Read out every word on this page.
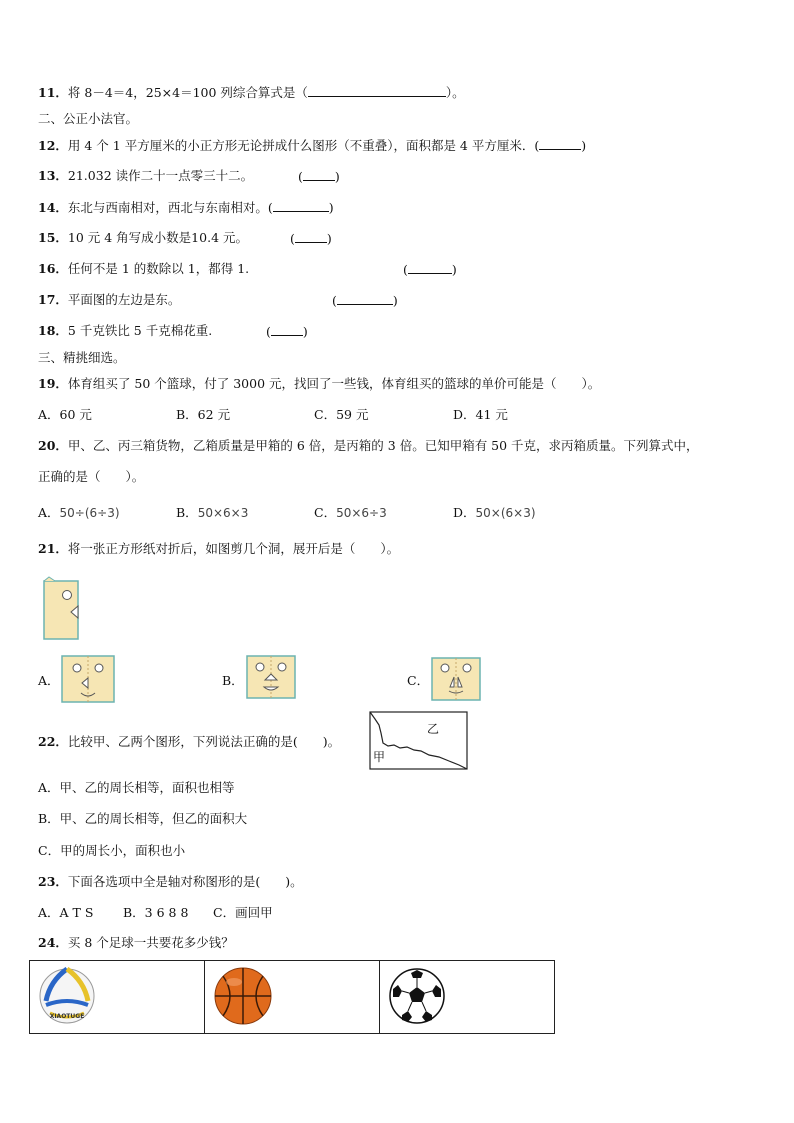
11．将 8－4＝4，25×4＝100 列综合算式是（	）。
二、公正小法官。
12．用 4 个 1 平方厘米的小正方形无论拼成什么图形（不重叠），面积都是 4 平方厘米．(	)
13．21.032 读作二十一点零三十二。	(	)
14．东北与西南相对，西北与东南相对。(	)
15．10 元 4 角写成小数是10.4 元。	(	)
16．任何不是 1 的数除以 1，都得 1.	(	)
17．平面图的左边是东。	(	)
18．5 千克铁比 5 千克棉花重.	(	)
三、精挑细选。
19．体育组买了 50 个篮球，付了 3000 元，找回了一些钱，体育组买的篮球的单价可能是（　　）。
A．60 元	B．62 元	C．59 元	D．41 元
20．甲、乙、丙三箱货物，乙箱质量是甲箱的 6 倍，是丙箱的 3 倍。已知甲箱有 50 千克，求丙箱质量。下列算式中，
正确的是（　　）。
A．50÷(6÷3)	B．50×6×3	C．50×6÷3	D．50×(6×3)
21．将一张正方形纸对折后，如图剪几个洞，展开后是（　　）。
A．	B．	C．
22．比较甲、乙两个图形，下列说法正确的是(　　)。
甲
乙
A．甲、乙的周长相等，面积也相等
B．甲、乙的周长相等，但乙的面积大
C．甲的周长小，面积也小
23．下面各选项中全是轴对称图形的是(　　)。
A．A T S B．3 6 8 8 C．画回甲
24．买 8 个足球一共要花多少钱？
XIAOTUGE
